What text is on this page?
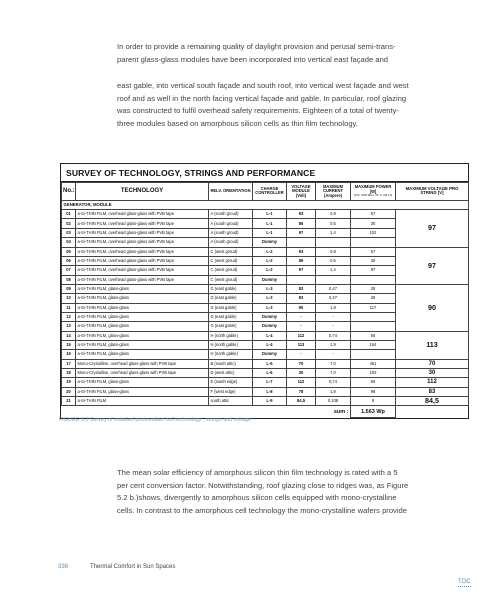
In order to provide a remaining quality of daylight provision and perusal semi-trans-

parent glass-glass modules have been incorporated into vertical east façade and

east gable, into vertical south façade and south roof, into vertical west façade and west

roof and as well in the north facing vertical façade and gable. In particular, roof glazing

was constructed to fulfil overhead safety requirements. Eighteen of a total of twenty-

three modules based on amorphous silicon cells as thin film technology.

SURVEY OF TECHNOLOGY, STRINGS AND PERFORMANCE
No.:	TECHNOLOGY	RELV. ORIENTATION	CHARGE CONTROLLER	VOLTAGE MODULE (Volt)	MAXIMUM CURRENT (Ampere)	MAXIMUM POWER [W]
(STC: 1000 W/m², 25 °C, AM 1,5)	MAXIMUM VOLTAGE PRO STRING [V]
GENERATOR, MODULE							
01	a-Si-THIN FILM, overhead glass-glass with PVB tape	A (south groud)	L-1	93	0,9	57	97
02	a-Si-THIN FILM, overhead glass-glass with PVB tape	A (south groud)	L-1	86	0,5	30	
03	a-Si-THIN FILM, overhead glass-glass with PVB tape	A (south groud)	L-1	97	1,4	102	
04	a-Si-THIN FILM, overhead glass-glass with PVB tape	A (south groud)	Dummy				
05	a-Si-THIN FILM, overhead glass-glass with PVB tape	C (west groud)	L-2	93	0,9	57	97
06	a-Si-THIN FILM, overhead glass-glass with PVB tape	C (west groud)	L-2	86	0,5	30	
07	a-Si-THIN FILM, overhead glass-glass with PVB tape	C (west groud)	L-2	97	1,4	97	
08	a-Si-THIN FILM, overhead glass-glass with PVB tape	C (west groud)	Dummy				
09	a-Si-THIN FILM, glass-glass	G (east gable)	L-3	83	0,47	28	90
10	a-Si-THIN FILM, glass-glass	G (east gable)	L-3	83	0,47	28	
11	a-Si-THIN FILM, glass-glass	G (east gable)	L-3	90	1,9	117	
12	a-Si-THIN FILM, glass-glass	G (east gable)	Dummy	-	-		
13	a-Si-THIN FILM, glass-glass	G (east gable)	Dummy	-	-		
14	a-Si-THIN FILM, glass-glass	H (north gable)	L-4	112	0,74	56	113
15	a-Si-THIN FILM, glass-glass	H (north gable)	L-4	113	1,9	164	
16	a-Si-THIN FILM, glass-glass	H (north gable)	Dummy	-	-		
17	Mono-Crystalline, overhead glass-glass with PVB tape	B (south attic)	L-5	70	7,0	451	70
18	Mono-Crystalline, overhead glass-glass with PVB tape	D (west attic)	L-6	30	7,0	193	30
19	a-Si-THIN FILM, glass-glass	E (south edge)	L-7	112	0,74	56	112
20	a-Si-THIN FILM, glass-glass	F (west edge)	L-8	78	1,9	98	83
21	a-Si-THIN FILM	south attic	L-9	84,5	0,108	9	84,5
					sum :	1.563 Wp	
FIGURE 5.3 Survey of installed photovoltaic cell technology , strings and voltage

The mean solar efficiency of amorphous silicon thin film technology is rated with a 5

per cent conversion factor. Notwithstanding, roof glazing close to ridges was, as Figure

5.2 b.)shows, divergently to amorphous silicon cells equipped with mono-crystalline

cells. In contrast to the amorphous cell technology the mono-crystalline wafers provide

336	Thermal Comfort in Sun Spaces
TOC
